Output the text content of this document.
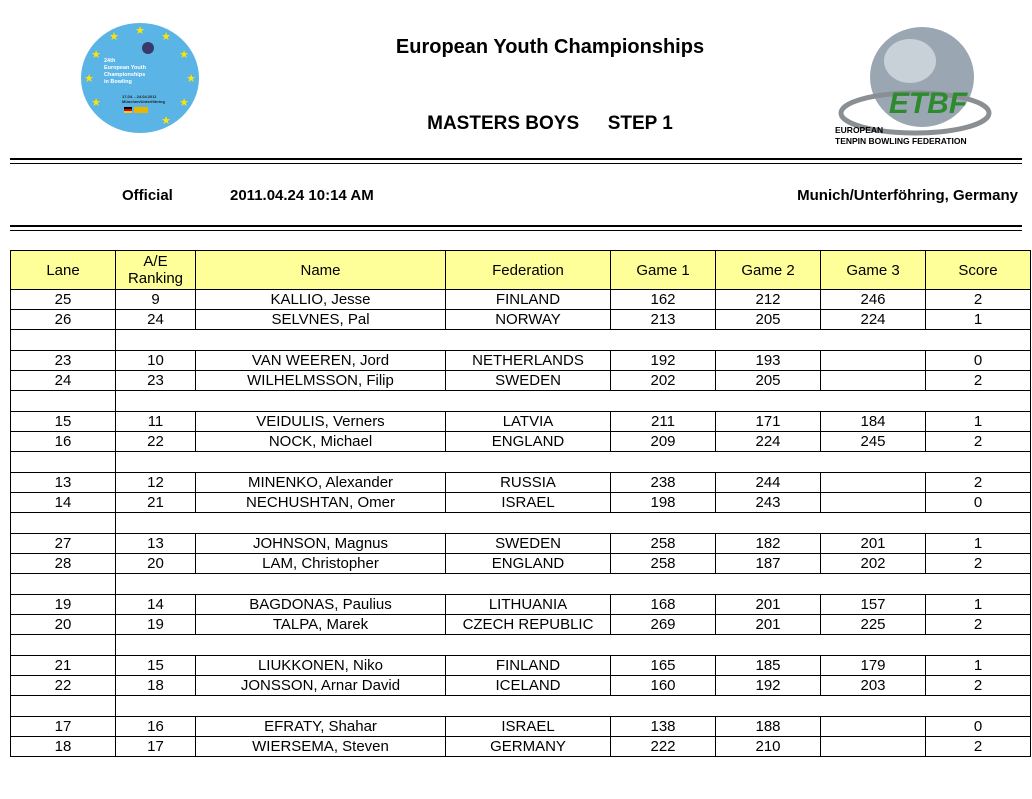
★ ★
★
★
★
★
★
★
★
★
24th
European Youth
Championships
in Bowling
17.04. - 24.04.2011
München/Unterföhring	ETBF
EUROPEAN
TENPIN BOWLING FEDERATION
European Youth Championships
MASTERS BOYS STEP 1
Official	2011.04.24 10:14 AM	Munich/Unterföhring, Germany
Lane	A/E Ranking	Name	Federation	Game 1	Game 2	Game 3	Score
25	9	KALLIO, Jesse	FINLAND	162	212	246	2
26	24	SELVNES, Pal	NORWAY	213	205	224	1

23	10	VAN WEEREN, Jord	NETHERLANDS	192	193		0
24	23	WILHELMSSON, Filip	SWEDEN	202	205		2

15	11	VEIDULIS, Verners	LATVIA	211	171	184	1
16	22	NOCK, Michael	ENGLAND	209	224	245	2

13	12	MINENKO, Alexander	RUSSIA	238	244		2
14	21	NECHUSHTAN, Omer	ISRAEL	198	243		0

27	13	JOHNSON, Magnus	SWEDEN	258	182	201	1
28	20	LAM, Christopher	ENGLAND	258	187	202	2

19	14	BAGDONAS, Paulius	LITHUANIA	168	201	157	1
20	19	TALPA, Marek	CZECH REPUBLIC	269	201	225	2

21	15	LIUKKONEN, Niko	FINLAND	165	185	179	1
22	18	JONSSON, Arnar David	ICELAND	160	192	203	2

17	16	EFRATY, Shahar	ISRAEL	138	188		0
18	17	WIERSEMA, Steven	GERMANY	222	210		2
